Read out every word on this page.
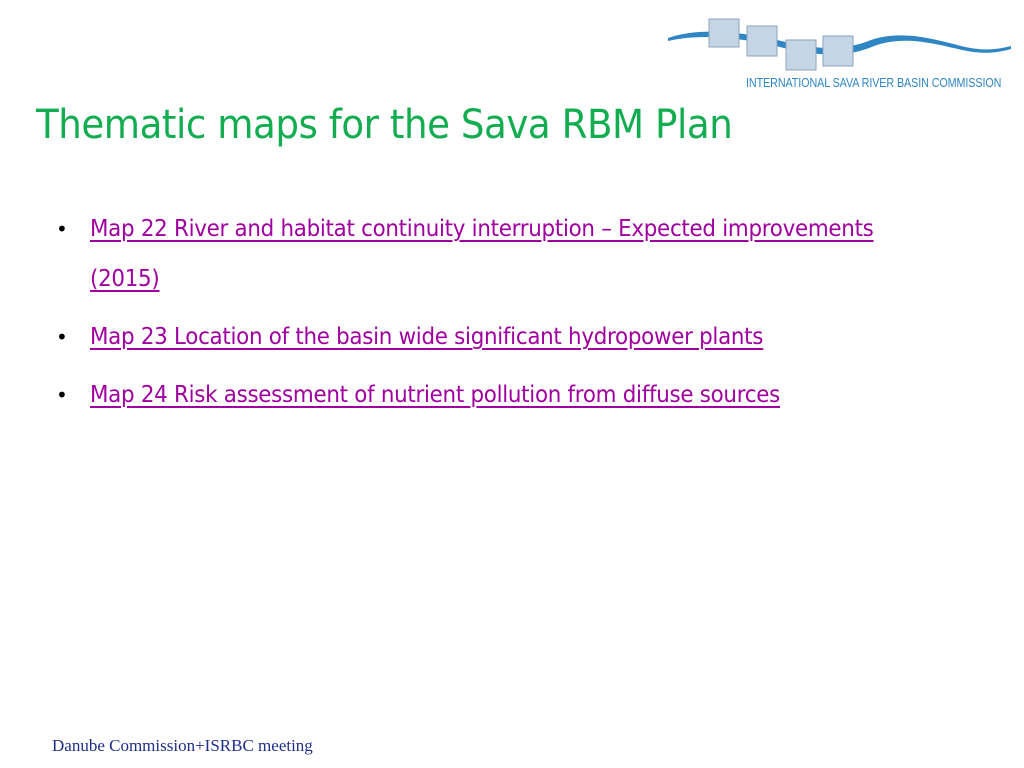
INTERNATIONAL SAVA RIVER BASIN COMMISSION
Thematic maps for the Sava RBM Plan
• Map 22 River and habitat continuity interruption – Expected improvements (2015)
• Map 23 Location of the basin wide significant hydropower plants
• Map 24 Risk assessment of nutrient pollution from diffuse sources
Danube Commission+ISRBC meeting
